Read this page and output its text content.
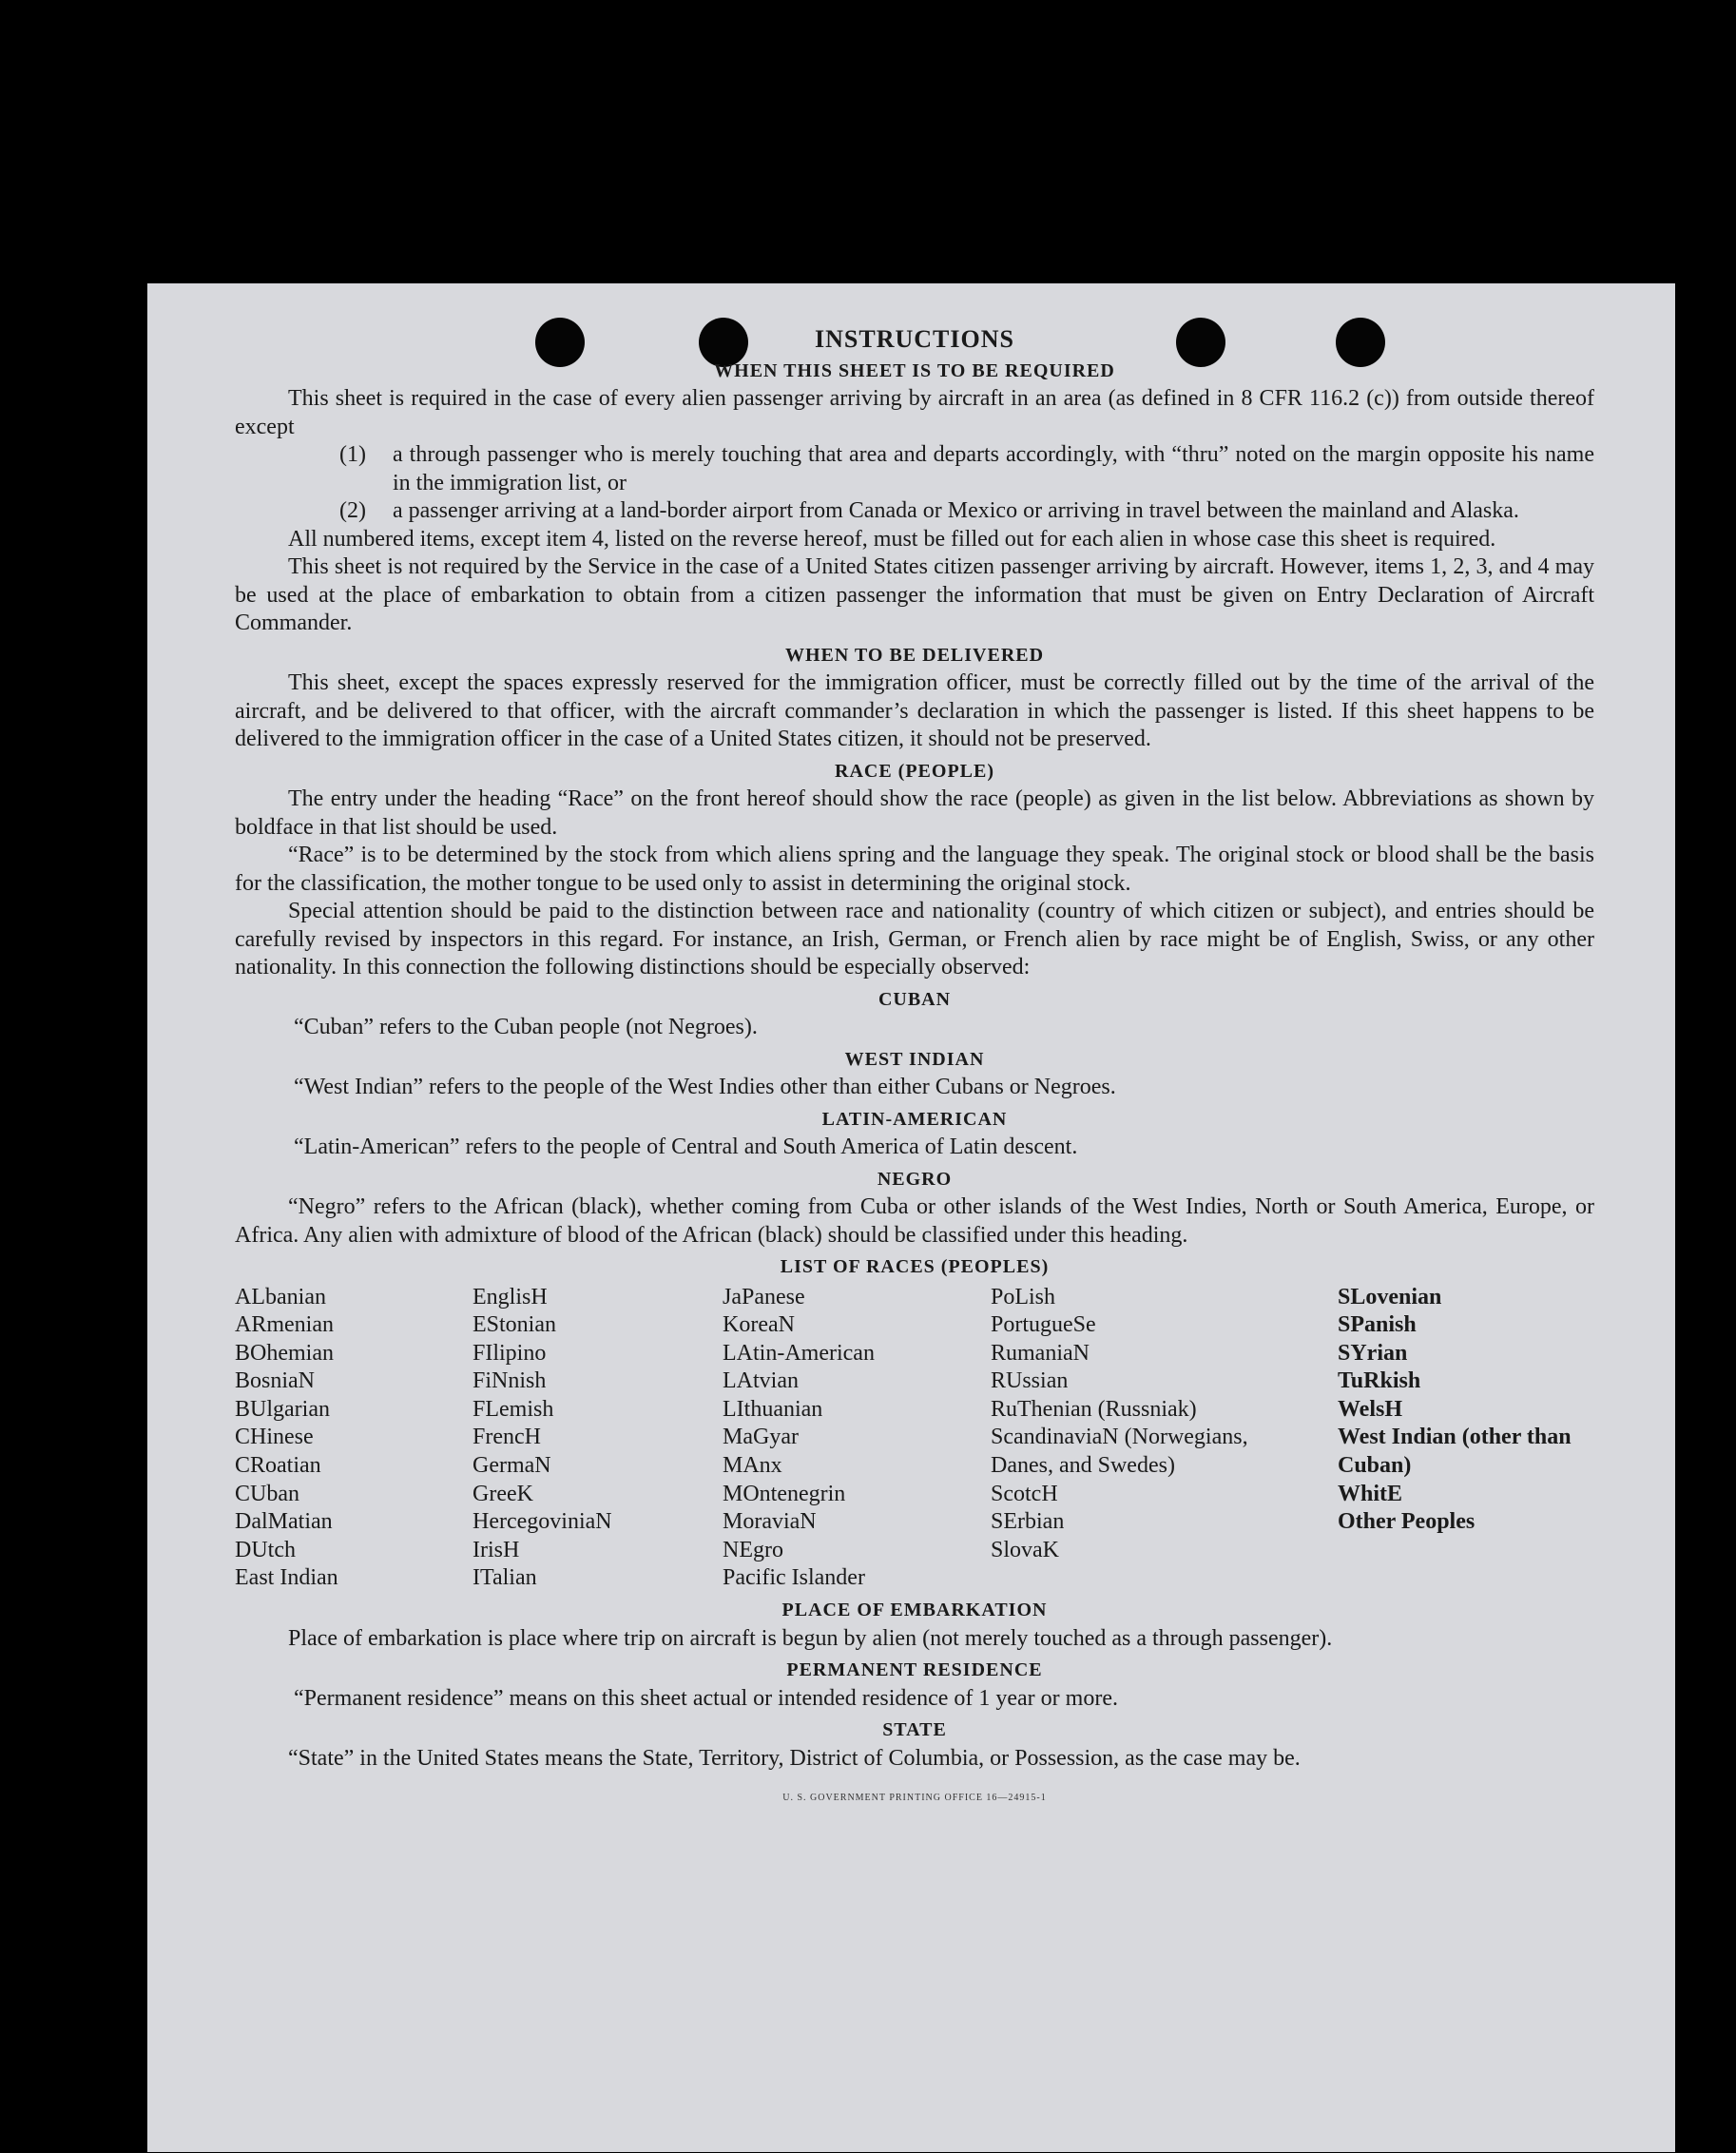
INSTRUCTIONS
WHEN THIS SHEET IS TO BE REQUIRED

This sheet is required in the case of every alien passenger arriving by aircraft in an area (as defined in 8 CFR 116.2 (c)) from outside thereof except

(1)	a through passenger who is merely touching that area and departs accordingly, with “thru” noted on the margin opposite his name in the immigration list, or
(2)	a passenger arriving at a land-border airport from Canada or Mexico or arriving in travel between the mainland and Alaska.

All numbered items, except item 4, listed on the reverse hereof, must be filled out for each alien in whose case this sheet is required.

This sheet is not required by the Service in the case of a United States citizen passenger arriving by aircraft. However, items 1, 2, 3, and 4 may be used at the place of embarkation to obtain from a citizen passenger the information that must be given on Entry Declaration of Aircraft Commander.

WHEN TO BE DELIVERED

This sheet, except the spaces expressly reserved for the immigration officer, must be correctly filled out by the time of the arrival of the aircraft, and be delivered to that officer, with the aircraft commander’s declaration in which the passenger is listed. If this sheet happens to be delivered to the immigration officer in the case of a United States citizen, it should not be preserved.

RACE (PEOPLE)

The entry under the heading “Race” on the front hereof should show the race (people) as given in the list below. Abbreviations as shown by boldface in that list should be used.

“Race” is to be determined by the stock from which aliens spring and the language they speak. The original stock or blood shall be the basis for the classification, the mother tongue to be used only to assist in determining the original stock.

Special attention should be paid to the distinction between race and nationality (country of which citizen or subject), and entries should be carefully revised by inspectors in this regard. For instance, an Irish, German, or French alien by race might be of English, Swiss, or any other nationality. In this connection the following distinctions should be especially observed:

CUBAN

“Cuban” refers to the Cuban people (not Negroes).

WEST INDIAN

“West Indian” refers to the people of the West Indies other than either Cubans or Negroes.

LATIN-AMERICAN

“Latin-American” refers to the people of Central and South America of Latin descent.

NEGRO

“Negro” refers to the African (black), whether coming from Cuba or other islands of the West Indies, North or South America, Europe, or Africa. Any alien with admixture of blood of the African (black) should be classified under this heading.

LIST OF RACES (PEOPLES)
ALbanian
ARmenian
BOhemian
BosniaN
BUlgarian
CHinese
CRoatian
CUban
DalMatian
DUtch
East Indian
EnglisH
EStonian
FIlipino
FiNnish
FLemish
FrencH
GermaN
GreeK
HercegoviniaN
IrisH
ITalian
JaPanese
KoreaN
LAtin-American
LAtvian
LIthuanian
MaGyar
MAnx
MOntenegrin
MoraviaN
NEgro
Pacific Islander
PoLish
PortugueSe
RumaniaN
RUssian
RuThenian (Russniak)
ScandinaviaN (Norwegians, Danes, and Swedes)
ScotcH
SErbian
SlovaK
SLovenian
SPanish
SYrian
TuRkish
WelsH
West Indian (other than Cuban)
WhitE
Other Peoples
PLACE OF EMBARKATION

Place of embarkation is place where trip on aircraft is begun by alien (not merely touched as a through passenger).

PERMANENT RESIDENCE

“Permanent residence” means on this sheet actual or intended residence of 1 year or more.

STATE

“State” in the United States means the State, Territory, District of Columbia, or Possession, as the case may be.

U. S. GOVERNMENT PRINTING OFFICE 16—24915-1
